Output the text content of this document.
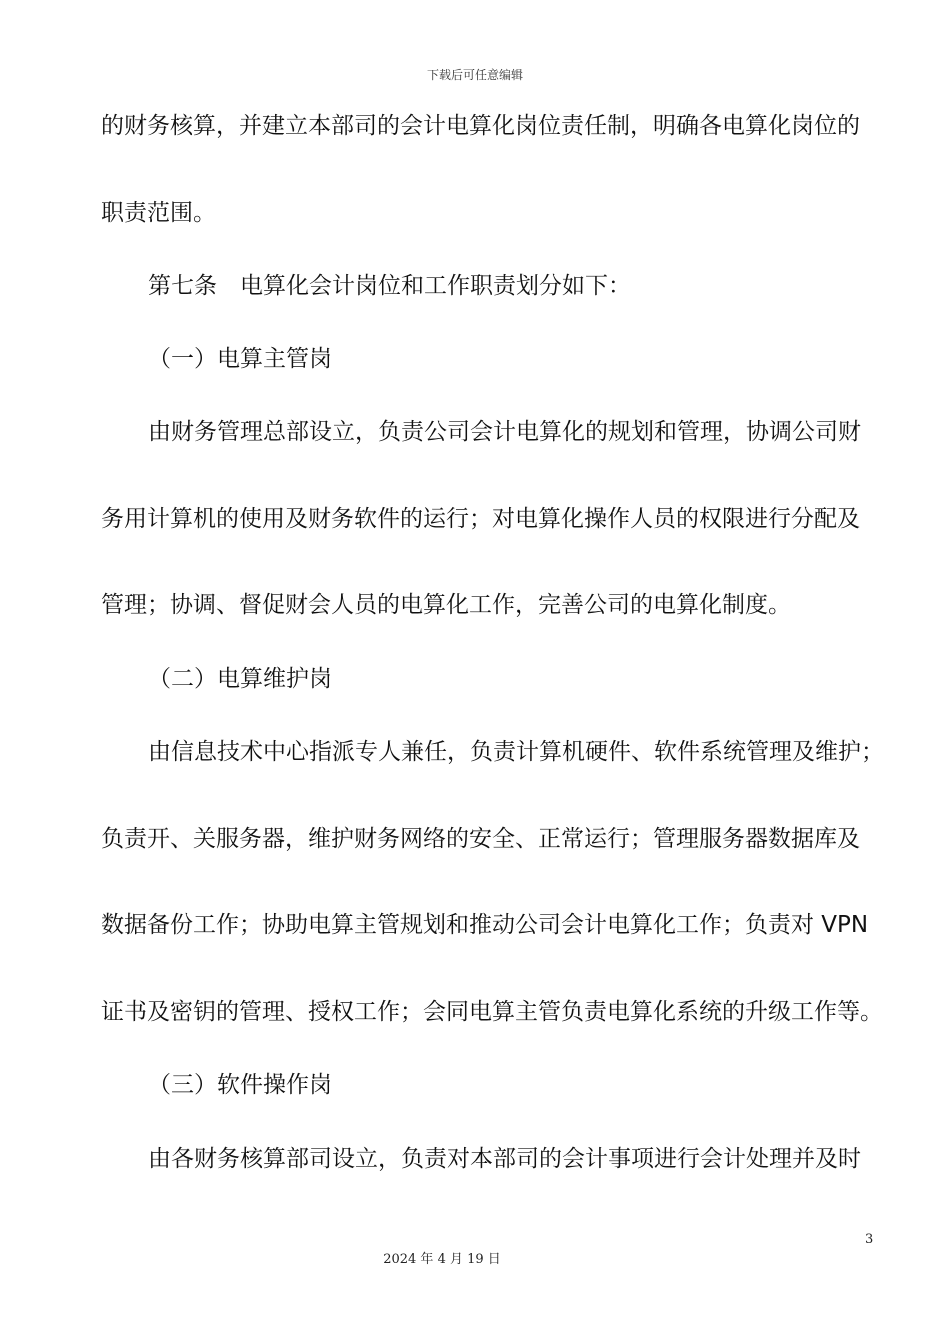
下载后可任意编辑
的财务核算，并建立本部司的会计电算化岗位责任制，明确各电算化岗位的
职责范围。
第七条　电算化会计岗位和工作职责划分如下：
（一）电算主管岗
由财务管理总部设立，负责公司会计电算化的规划和管理，协调公司财
务用计算机的使用及财务软件的运行；对电算化操作人员的权限进行分配及
管理；协调、督促财会人员的电算化工作，完善公司的电算化制度。
（二）电算维护岗
由信息技术中心指派专人兼任，负责计算机硬件、软件系统管理及维护；
负责开、关服务器，维护财务网络的安全、正常运行；管理服务器数据库及
数据备份工作；协助电算主管规划和推动公司会计电算化工作；负责对 VPN
证书及密钥的管理、授权工作；会同电算主管负责电算化系统的升级工作等。
（三）软件操作岗
由各财务核算部司设立，负责对本部司的会计事项进行会计处理并及时
3
2024 年 4 月 19 日
